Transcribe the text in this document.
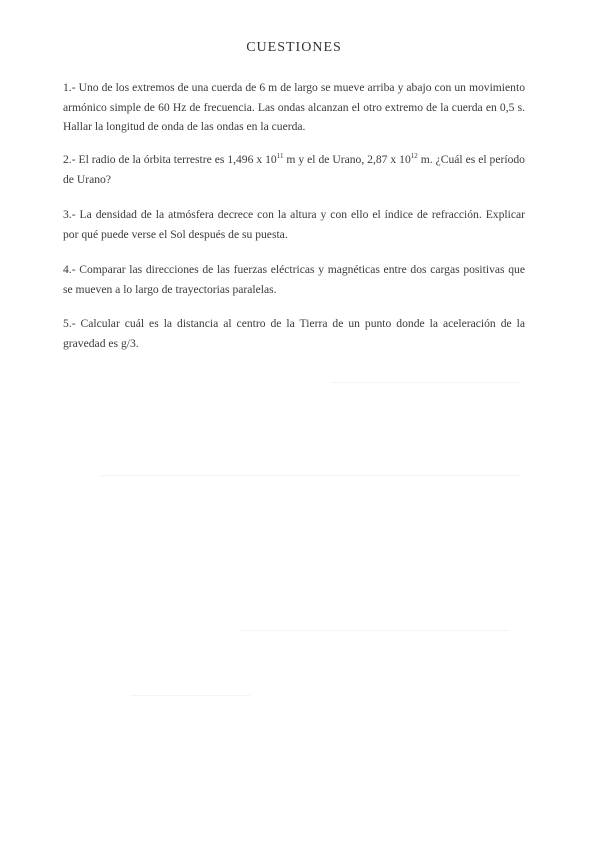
CUESTIONES
1.- Uno de los extremos de una cuerda de 6 m de largo se mueve arriba y abajo con un movimiento armónico simple de 60 Hz de frecuencia. Las ondas alcanzan el otro extremo de la cuerda en 0,5 s. Hallar la longitud de onda de las ondas en la cuerda.
2.- El radio de la órbita terrestre es 1,496 x $10^{11}$ m y el de Urano, 2,87 x $10^{12}$ m. ¿Cuál es el período de Urano?
3.- La densidad de la atmósfera decrece con la altura y con ello el índice de refracción. Explicar por qué puede verse el Sol después de su puesta.
4.- Comparar las direcciones de las fuerzas eléctricas y magnéticas entre dos cargas positivas que se mueven a lo largo de trayectorias paralelas.
5.- Calcular cuál es la distancia al centro de la Tierra de un punto donde la aceleración de la gravedad es g/3.
